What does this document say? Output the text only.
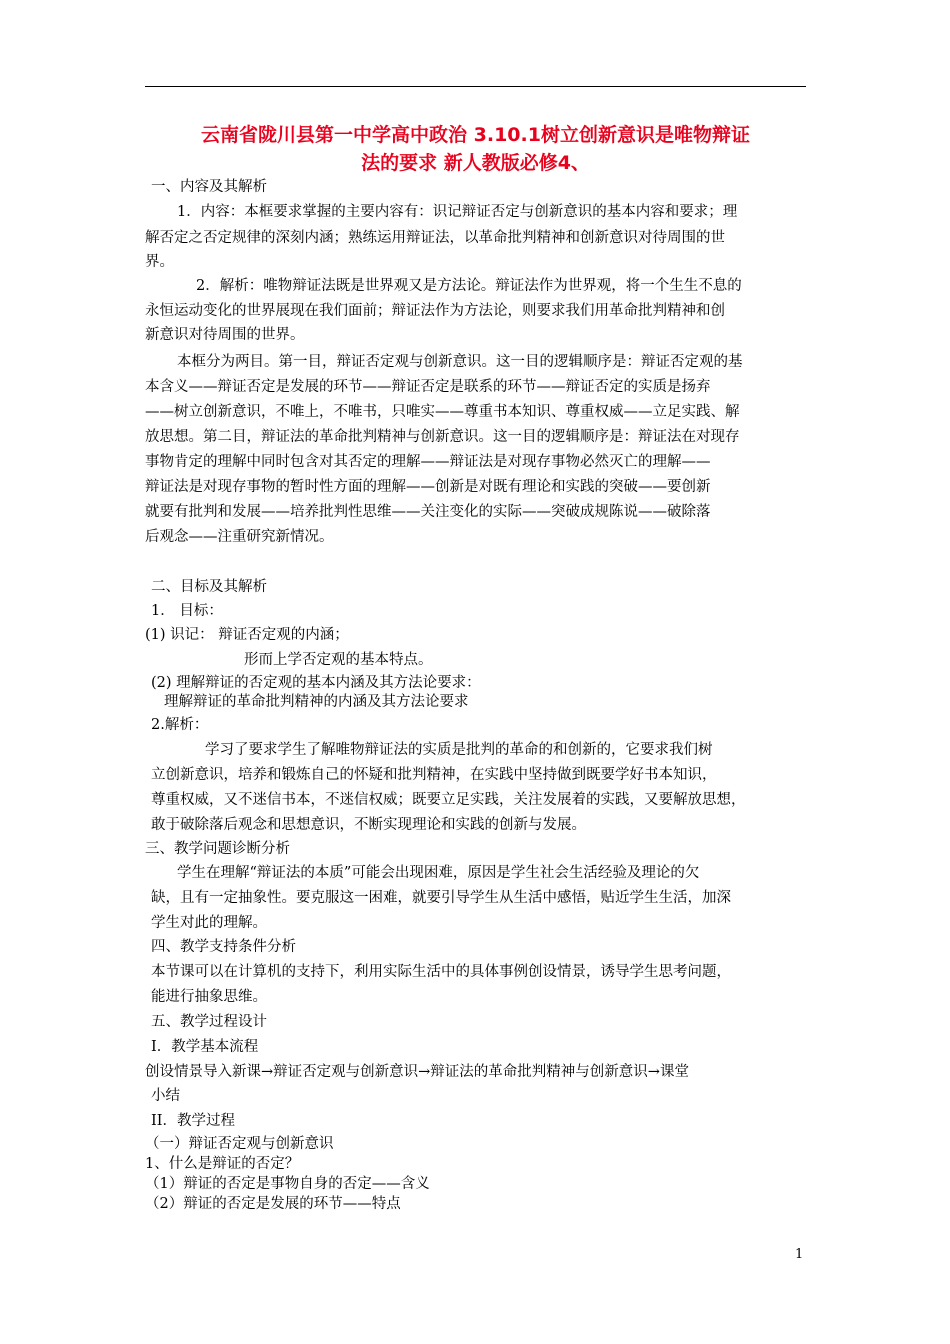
云南省陇川县第一中学高中政治 3.10.1树立创新意识是唯物辩证
法的要求 新人教版必修4、
一、内容及其解析
1．内容：本框要求掌握的主要内容有：识记辩证否定与创新意识的基本内容和要求；理
解否定之否定规律的深刻内涵；熟练运用辩证法，以革命批判精神和创新意识对待周围的世
界。
2．解析：唯物辩证法既是世界观又是方法论。辩证法作为世界观，将一个生生不息的
永恒运动变化的世界展现在我们面前；辩证法作为方法论，则要求我们用革命批判精神和创
新意识对待周围的世界。
本框分为两目。第一目，辩证否定观与创新意识。这一目的逻辑顺序是：辩证否定观的基
本含义——辩证否定是发展的环节——辩证否定是联系的环节——辩证否定的实质是扬弃
——树立创新意识，不唯上，不唯书，只唯实——尊重书本知识、尊重权威——立足实践、解
放思想。第二目，辩证法的革命批判精神与创新意识。这一目的逻辑顺序是：辩证法在对现存
事物肯定的理解中同时包含对其否定的理解——辩证法是对现存事物必然灭亡的理解——
辩证法是对现存事物的暂时性方面的理解——创新是对既有理论和实践的突破——要创新
就要有批判和发展——培养批判性思维——关注变化的实际——突破成规陈说——破除落
后观念——注重研究新情况。
二、目标及其解析
1． 目标：
(1) 识记： 辩证否定观的内涵；
形而上学否定观的基本特点。
(2) 理解辩证的否定观的基本内涵及其方法论要求：
理解辩证的革命批判精神的内涵及其方法论要求
2.解析：
学习了要求学生了解唯物辩证法的实质是批判的革命的和创新的，它要求我们树
立创新意识，培养和锻炼自己的怀疑和批判精神，在实践中坚持做到既要学好书本知识，
尊重权威，又不迷信书本，不迷信权威；既要立足实践，关注发展着的实践，又要解放思想，
敢于破除落后观念和思想意识，不断实现理论和实践的创新与发展。
三、教学问题诊断分析
学生在理解“辩证法的本质”可能会出现困难，原因是学生社会生活经验及理论的欠
缺，且有一定抽象性。要克服这一困难，就要引导学生从生活中感悟，贴近学生生活，加深
学生对此的理解。
四、教学支持条件分析
本节课可以在计算机的支持下，利用实际生活中的具体事例创设情景，诱导学生思考问题，
能进行抽象思维。
五、教学过程设计
I．教学基本流程
创设情景导入新课→辩证否定观与创新意识→辩证法的革命批判精神与创新意识→课堂
小结
II．教学过程
（一）辩证否定观与创新意识
1、什么是辩证的否定？
（1）辩证的否定是事物自身的否定——含义
（2）辩证的否定是发展的环节——特点
1
